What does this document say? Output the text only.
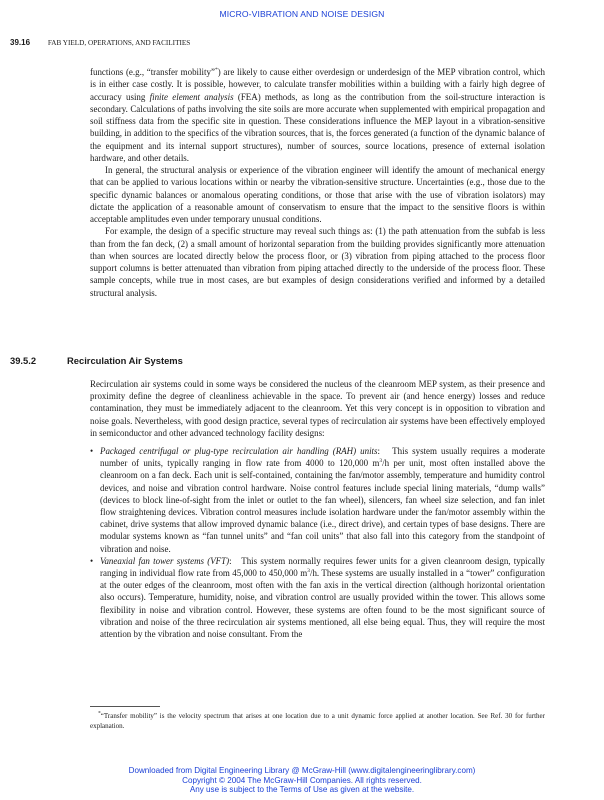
MICRO-VIBRATION AND NOISE DESIGN
39.16 FAB YIELD, OPERATIONS, AND FACILITIES

functions (e.g., “transfer mobility”*) are likely to cause either overdesign or underdesign of the MEP vibration control, which is in either case costly. It is possible, however, to calculate transfer mobilities within a building with a fairly high degree of accuracy using finite element analysis (FEA) methods, as long as the contribution from the soil-structure interaction is secondary. Calculations of paths involving the site soils are more accurate when supplemented with empirical propagation and soil stiffness data from the specific site in question. These considerations influence the MEP layout in a vibration-sensitive building, in addition to the specifics of the vibration sources, that is, the forces generated (a function of the dynamic balance of the equipment and its internal support structures), number of sources, source locations, presence of external isolation hardware, and other details.

In general, the structural analysis or experience of the vibration engineer will identify the amount of mechanical energy that can be applied to various locations within or nearby the vibration-sensitive structure. Uncertainties (e.g., those due to the specific dynamic balances or anomalous operating conditions, or those that arise with the use of vibration isolators) may dictate the application of a reasonable amount of conservatism to ensure that the impact to the sensitive floors is within acceptable amplitudes even under temporary unusual conditions.

For example, the design of a specific structure may reveal such things as: (1) the path attenuation from the subfab is less than from the fan deck, (2) a small amount of horizontal separation from the building provides significantly more attenuation than when sources are located directly below the process floor, or (3) vibration from piping attached to the process floor support columns is better attenuated than vibration from piping attached directly to the underside of the process floor. These sample concepts, while true in most cases, are but examples of design considerations verified and informed by a detailed structural analysis.

39.5.2	Recirculation Air Systems

Recirculation air systems could in some ways be considered the nucleus of the cleanroom MEP system, as their presence and proximity define the degree of cleanliness achievable in the space. To prevent air (and hence energy) losses and reduce contamination, they must be immediately adjacent to the cleanroom. Yet this very concept is in opposition to vibration and noise goals. Nevertheless, with good design practice, several types of recirculation air systems have been effectively employed in semiconductor and other advanced technology facility designs:

• Packaged centrifugal or plug-type recirculation air handling (RAH) units: This system usually requires a moderate number of units, typically ranging in flow rate from 4000 to 120,000 $m^3/h$ per unit, most often installed above the cleanroom on a fan deck. Each unit is self-contained, containing the fan/motor assembly, temperature and humidity control devices, and noise and vibration control hardware. Noise control features include special lining materials, “dump walls” (devices to block line-of-sight from the inlet or outlet to the fan wheel), silencers, fan wheel size selection, and fan inlet flow straightening devices. Vibration control measures include isolation hardware under the fan/motor assembly within the cabinet, drive systems that allow improved dynamic balance (i.e., direct drive), and certain types of base designs. There are modular systems known as “fan tunnel units” and “fan coil units” that also fall into this category from the standpoint of vibration and noise.

• Vaneaxial fan tower systems (VFT): This system normally requires fewer units for a given cleanroom design, typically ranging in individual flow rate from 45,000 to 450,000 $m^3/h$. These systems are usually installed in a “tower” configuration at the outer edges of the cleanroom, most often with the fan axis in the vertical direction (although horizontal orientation also occurs). Temperature, humidity, noise, and vibration control are usually provided within the tower. This allows some flexibility in noise and vibration control. However, these systems are often found to be the most significant source of vibration and noise of the three recirculation air systems mentioned, all else being equal. Thus, they will require the most attention by the vibration and noise consultant. From the

*“Transfer mobility” is the velocity spectrum that arises at one location due to a unit dynamic force applied at another location. See Ref. 30 for further explanation.

Downloaded from Digital Engineering Library @ McGraw-Hill (www.digitalengineeringlibrary.com)
Copyright © 2004 The McGraw-Hill Companies. All rights reserved.
Any use is subject to the Terms of Use as given at the website.
